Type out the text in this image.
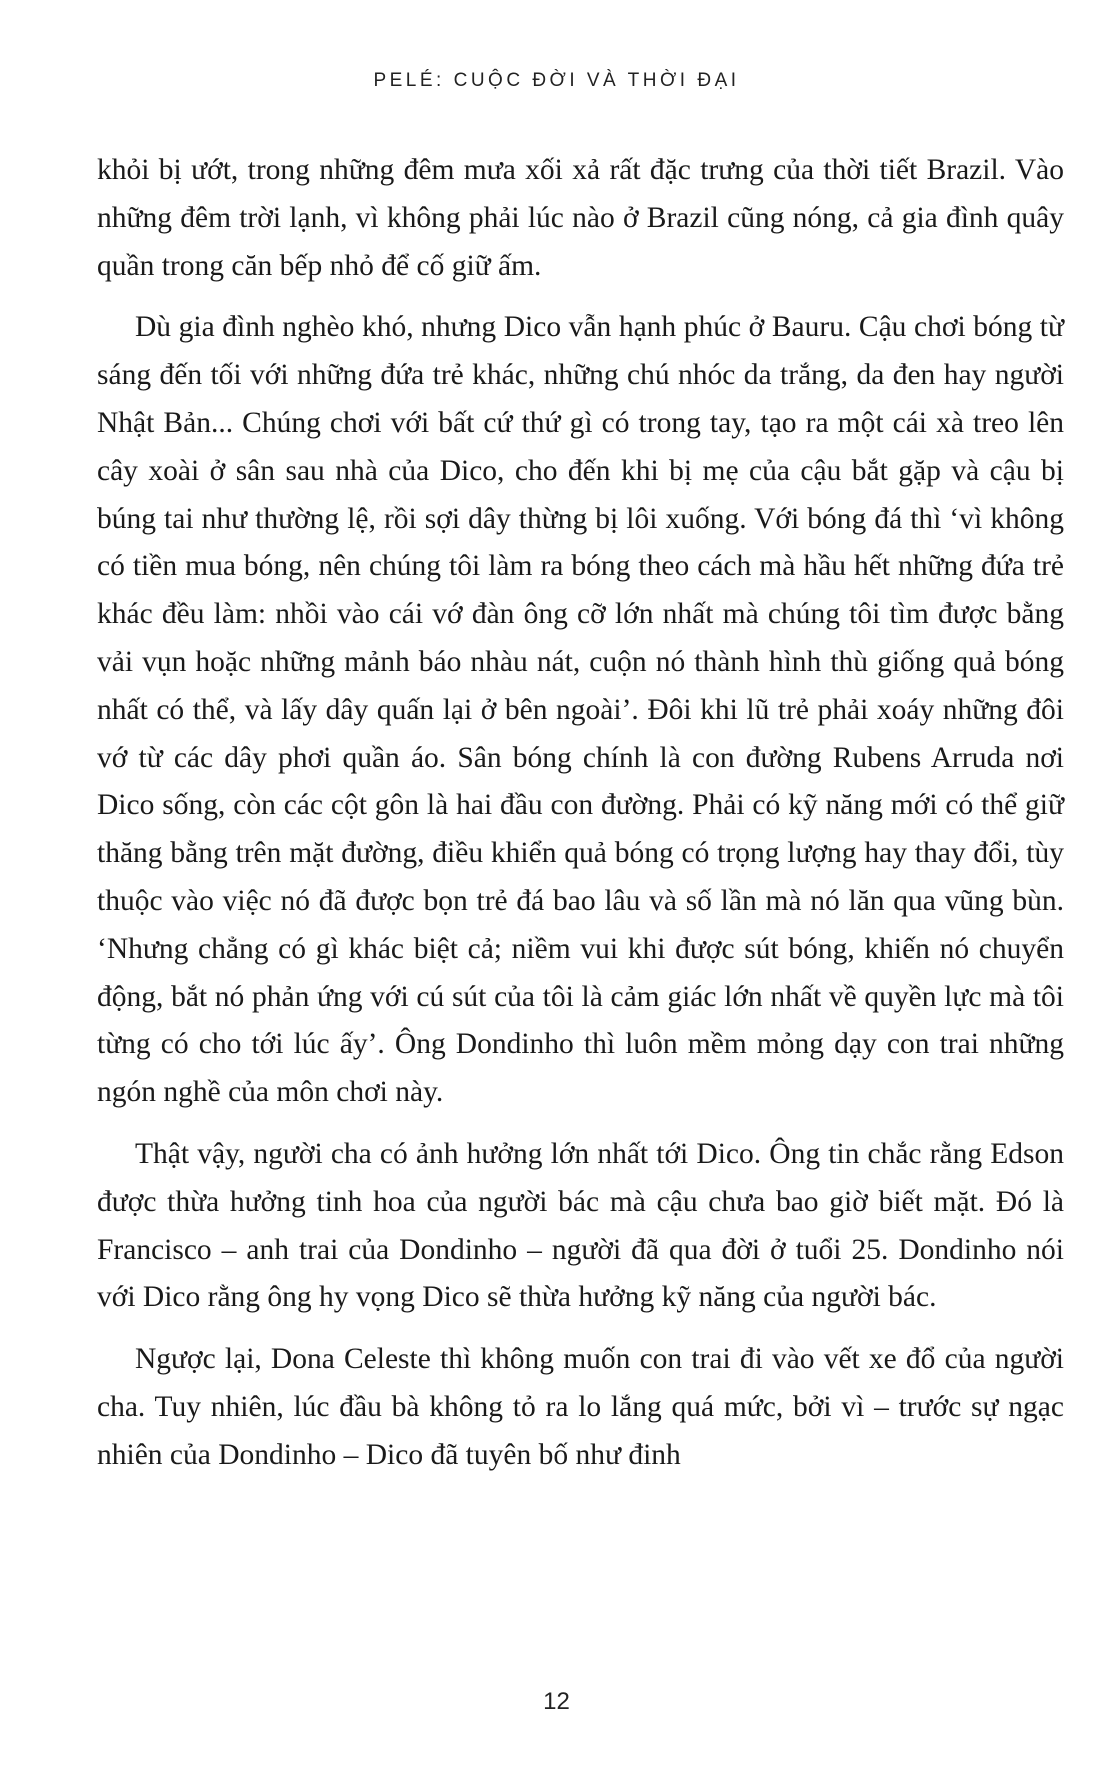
PELÉ: CUỘC ĐỜI VÀ THỜI ĐẠI

khỏi bị ướt, trong những đêm mưa xối xả rất đặc trưng của thời tiết Brazil. Vào những đêm trời lạnh, vì không phải lúc nào ở Brazil cũng nóng, cả gia đình quây quần trong căn bếp nhỏ để cố giữ ấm.

Dù gia đình nghèo khó, nhưng Dico vẫn hạnh phúc ở Bauru. Cậu chơi bóng từ sáng đến tối với những đứa trẻ khác, những chú nhóc da trắng, da đen hay người Nhật Bản... Chúng chơi với bất cứ thứ gì có trong tay, tạo ra một cái xà treo lên cây xoài ở sân sau nhà của Dico, cho đến khi bị mẹ của cậu bắt gặp và cậu bị búng tai như thường lệ, rồi sợi dây thừng bị lôi xuống. Với bóng đá thì ‘vì không có tiền mua bóng, nên chúng tôi làm ra bóng theo cách mà hầu hết những đứa trẻ khác đều làm: nhồi vào cái vớ đàn ông cỡ lớn nhất mà chúng tôi tìm được bằng vải vụn hoặc những mảnh báo nhàu nát, cuộn nó thành hình thù giống quả bóng nhất có thể, và lấy dây quấn lại ở bên ngoài’. Đôi khi lũ trẻ phải xoáy những đôi vớ từ các dây phơi quần áo. Sân bóng chính là con đường Rubens Arruda nơi Dico sống, còn các cột gôn là hai đầu con đường. Phải có kỹ năng mới có thể giữ thăng bằng trên mặt đường, điều khiển quả bóng có trọng lượng hay thay đổi, tùy thuộc vào việc nó đã được bọn trẻ đá bao lâu và số lần mà nó lăn qua vũng bùn. ‘Nhưng chẳng có gì khác biệt cả; niềm vui khi được sút bóng, khiến nó chuyển động, bắt nó phản ứng với cú sút của tôi là cảm giác lớn nhất về quyền lực mà tôi từng có cho tới lúc ấy’. Ông Dondinho thì luôn mềm mỏng dạy con trai những ngón nghề của môn chơi này.

Thật vậy, người cha có ảnh hưởng lớn nhất tới Dico. Ông tin chắc rằng Edson được thừa hưởng tinh hoa của người bác mà cậu chưa bao giờ biết mặt. Đó là Francisco – anh trai của Dondinho – người đã qua đời ở tuổi 25. Dondinho nói với Dico rằng ông hy vọng Dico sẽ thừa hưởng kỹ năng của người bác.

Ngược lại, Dona Celeste thì không muốn con trai đi vào vết xe đổ của người cha. Tuy nhiên, lúc đầu bà không tỏ ra lo lắng quá mức, bởi vì – trước sự ngạc nhiên của Dondinho – Dico đã tuyên bố như đinh

12
